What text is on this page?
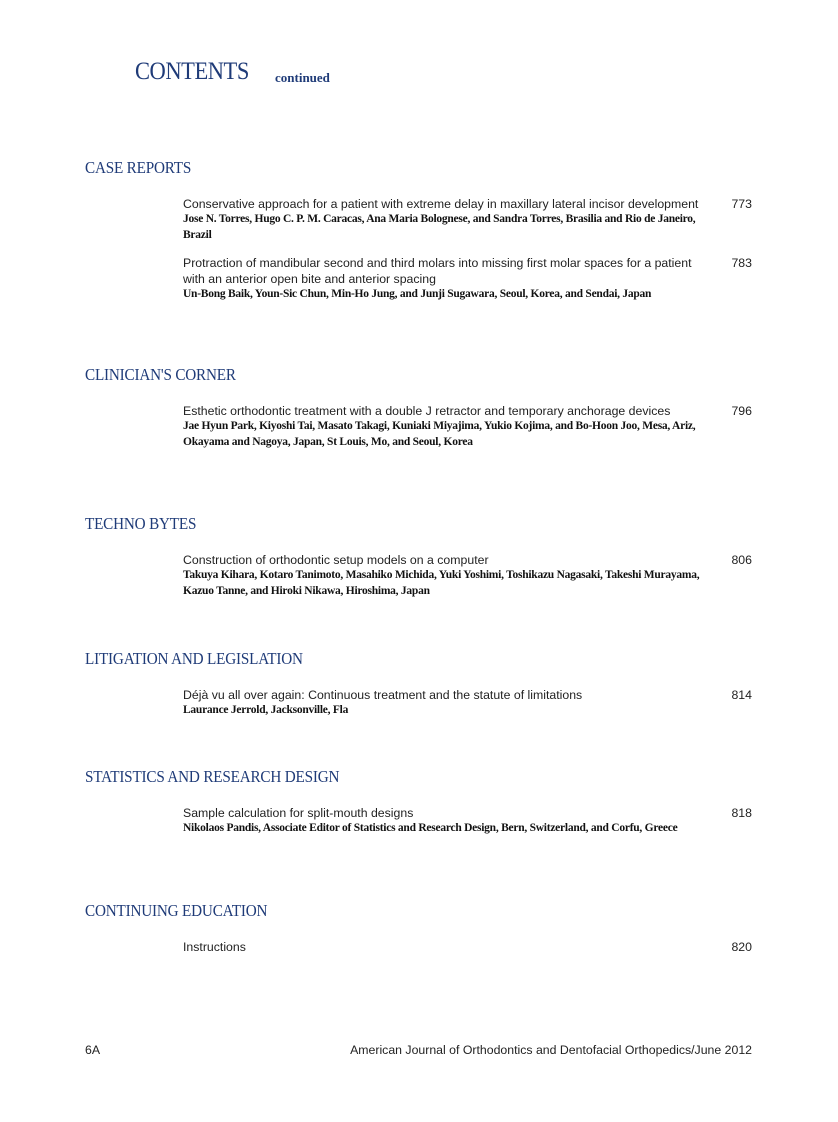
CONTENTS continued
CASE REPORTS
Conservative approach for a patient with extreme delay in maxillary lateral incisor development
Jose N. Torres, Hugo C. P. M. Caracas, Ana Maria Bolognese, and Sandra Torres, Brasilia and Rio de Janeiro, Brazil
773
Protraction of mandibular second and third molars into missing first molar spaces for a patient with an anterior open bite and anterior spacing
Un-Bong Baik, Youn-Sic Chun, Min-Ho Jung, and Junji Sugawara, Seoul, Korea, and Sendai, Japan
783
CLINICIAN'S CORNER
Esthetic orthodontic treatment with a double J retractor and temporary anchorage devices
Jae Hyun Park, Kiyoshi Tai, Masato Takagi, Kuniaki Miyajima, Yukio Kojima, and Bo-Hoon Joo, Mesa, Ariz, Okayama and Nagoya, Japan, St Louis, Mo, and Seoul, Korea
796
TECHNO BYTES
Construction of orthodontic setup models on a computer
Takuya Kihara, Kotaro Tanimoto, Masahiko Michida, Yuki Yoshimi, Toshikazu Nagasaki, Takeshi Murayama, Kazuo Tanne, and Hiroki Nikawa, Hiroshima, Japan
806
LITIGATION AND LEGISLATION
Déjà vu all over again: Continuous treatment and the statute of limitations
Laurance Jerrold, Jacksonville, Fla
814
STATISTICS AND RESEARCH DESIGN
Sample calculation for split-mouth designs
Nikolaos Pandis, Associate Editor of Statistics and Research Design, Bern, Switzerland, and Corfu, Greece
818
CONTINUING EDUCATION
Instructions	820
6A	American Journal of Orthodontics and Dentofacial Orthopedics/June 2012
